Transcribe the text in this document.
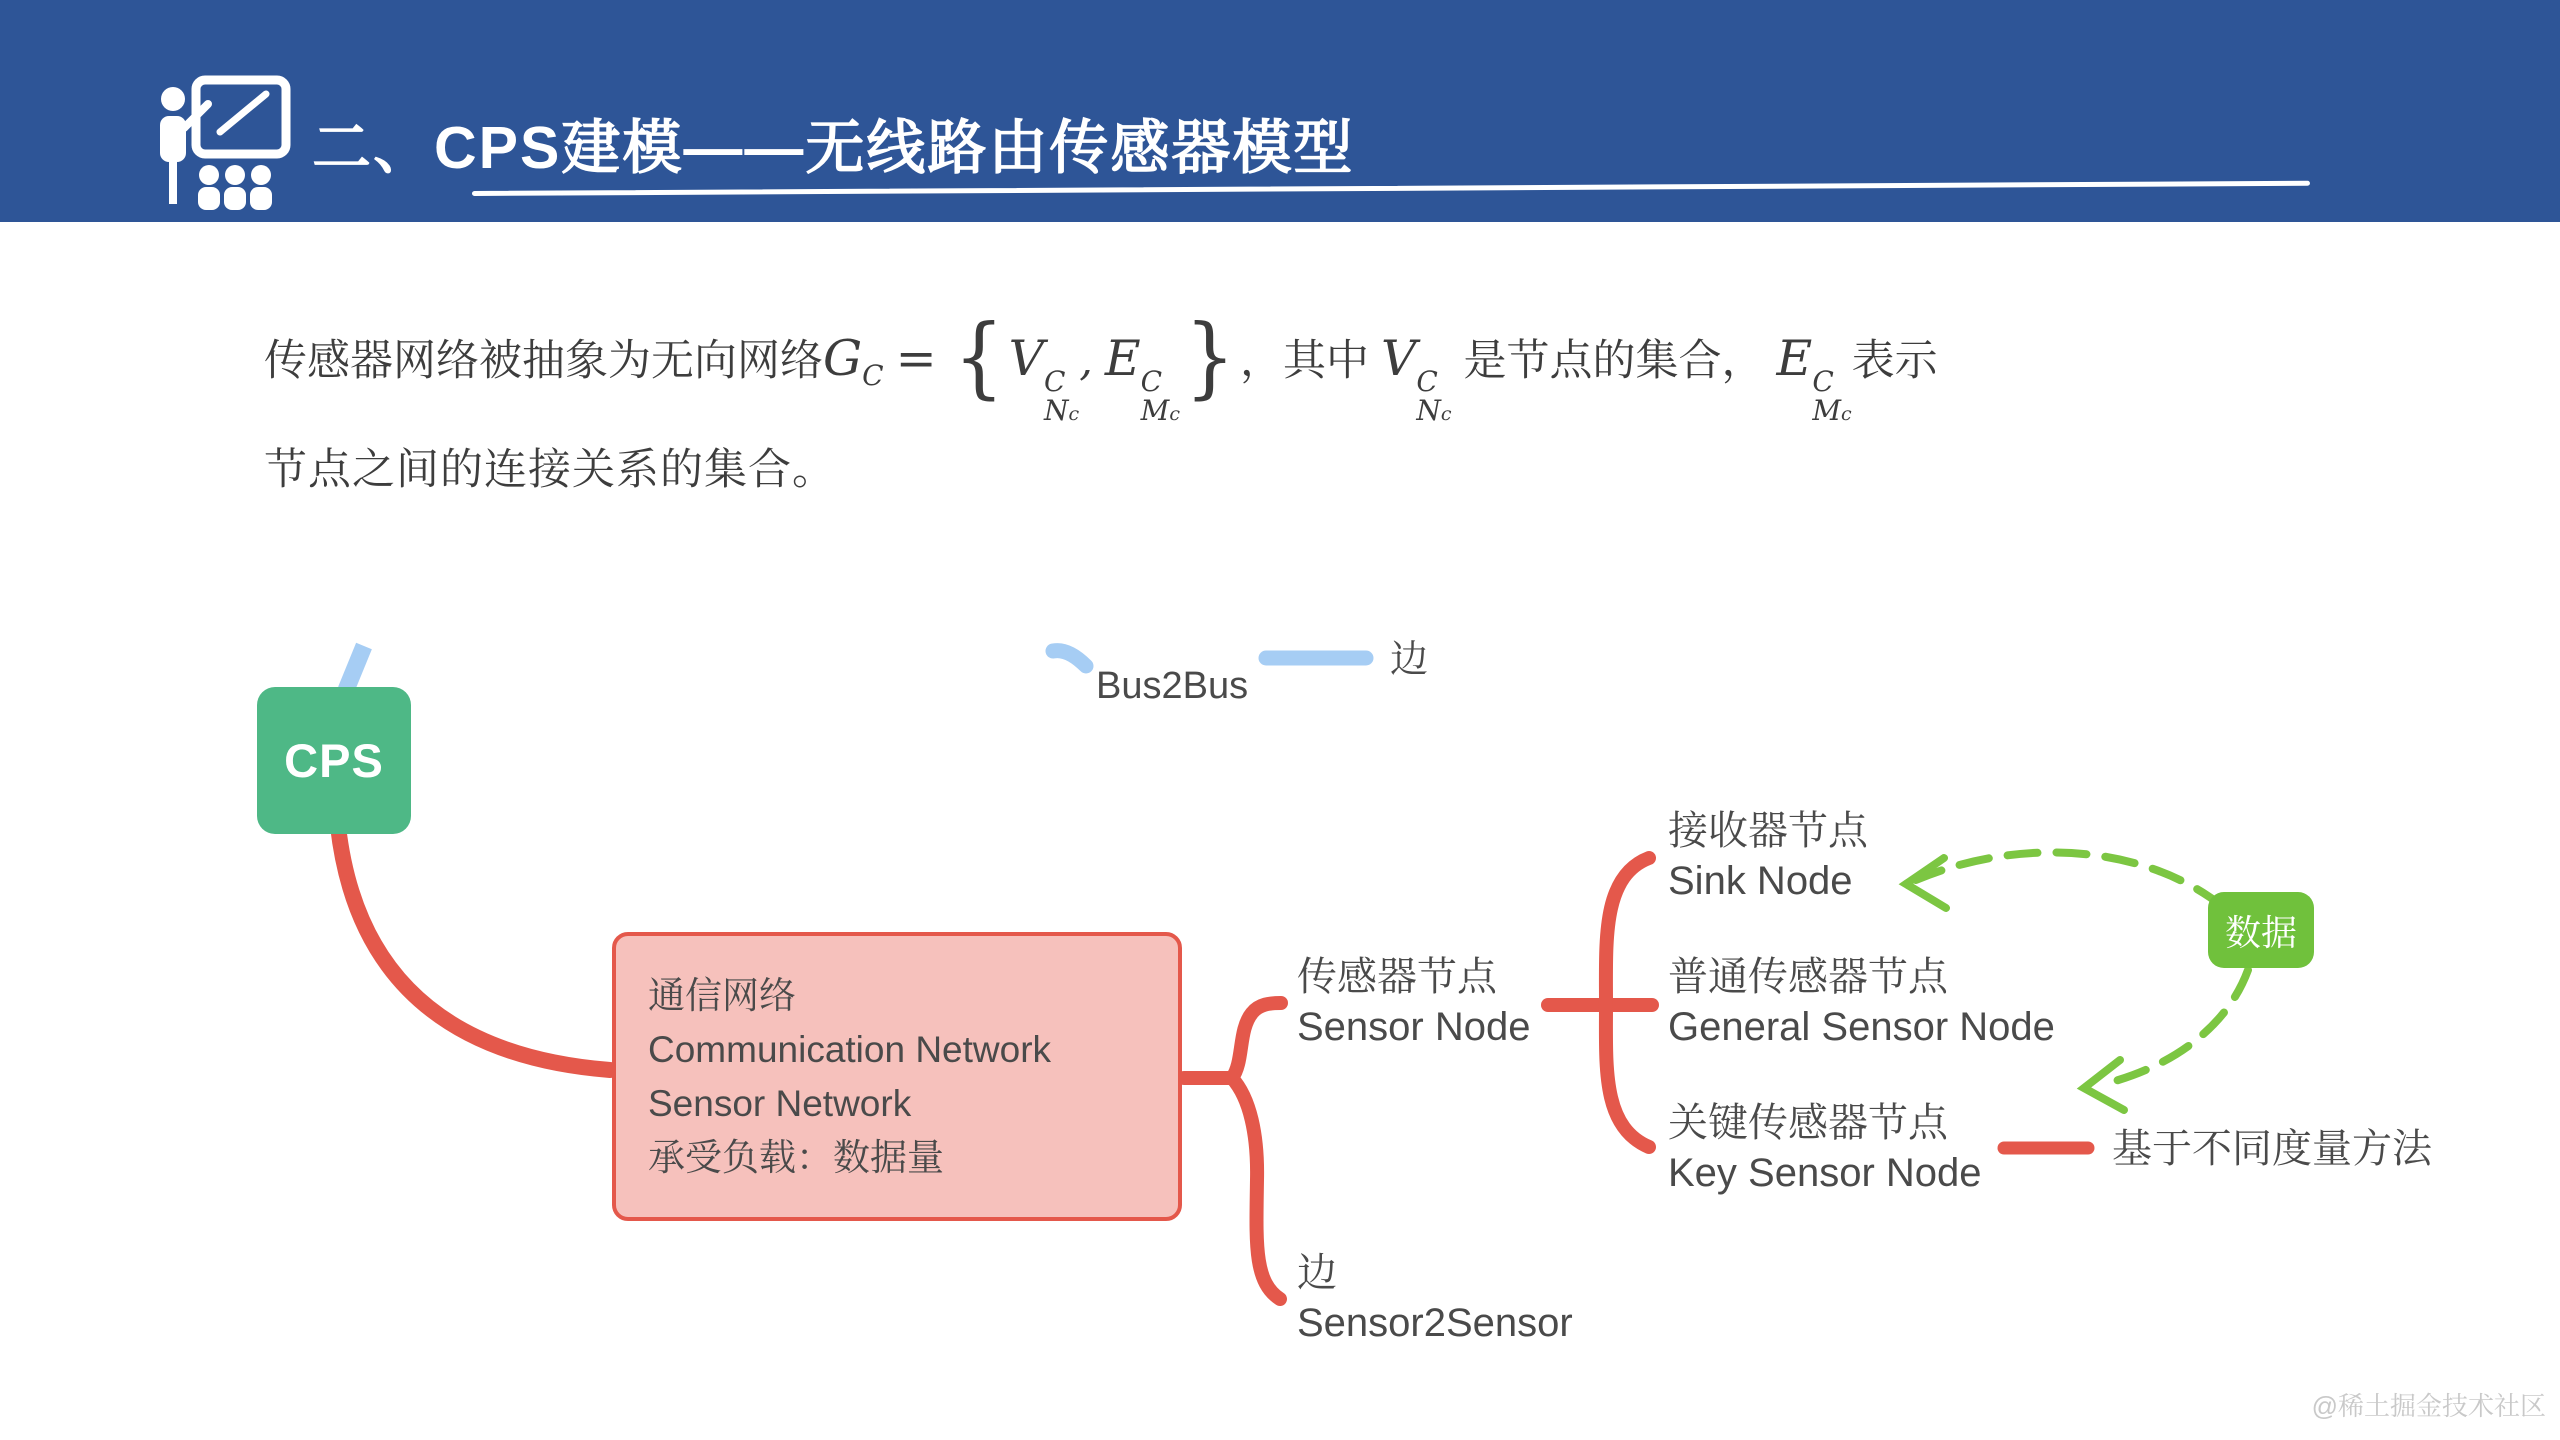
二、CPS建模——无线路由传感器模型
传感器网络被抽象为无向网络$G_C = \{V$ C
Nc
, E C
Mc
} ，其中 V C
Nc
是节点的集合， E C
Mc
表示
节点之间的连接关系的集合。
CPS
Bus2Bus
边
通信网络
Communication Network
Sensor Network
承受负载：数据量
传感器节点
Sensor Node
接收器节点
Sink Node
普通传感器节点
General Sensor Node
关键传感器节点
Key Sensor Node
边
Sensor2Sensor
基于不同度量方法
数据
@稀土掘金技术社区
